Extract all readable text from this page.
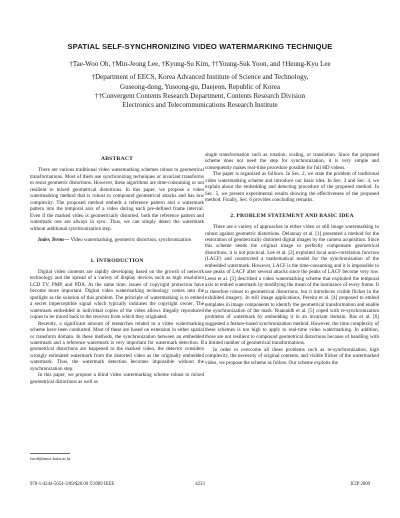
SPATIAL SELF-SYNCHRONIZING VIDEO WATERMARKING TECHNIQUE
†Tae-Woo Oh, †Min-Jeong Lee, †Kyung-Su Kim, ††Young-Suk Yoon, and †Heung-Kyu Lee
†Department of EECS, Korea Advanced Institute of Science and Technology,
Guseong-dong, Yuseong-gu, Daejeon, Republic of Korea
††Convergent Contents Research Department, Contents Research Division
Electronics and Telecommunications Research Institute
ABSTRACT

There are various traditional video watermarking schemes robust to geometrical transformations. Most of them use synchronizing techniques or invariant transforms to resist geometric distortions. However, these algorithms are time-consuming or not resilient to mixed geometrical distortions. In this paper, we propose a video watermarking method that is robust to compound geometrical attacks and has low complexity. The proposed method embeds a reference pattern and a watermark pattern into the temporal axis of a video during each pre-defined frame interval. Even if the marked video is geometrically distorted, both the reference pattern and watermark one are always in sync. Thus, we can simply detect the watermark without additional synchronization step.

Index Terms— Video watermarking, geometric distortion, synchronization

1. INTRODUCTION

Digital video contents are rapidly developing based on the growth of network technology and the spread of a variety of display devices such as high resolution LCD TV, PMP, and PDA. At the same time, issues of copyright protection have become more important. Digital video watermarking technology comes into the spotlight as the solution of this problem. The principle of watermarking is to embed a secret imperceptible signal which typically indicates the copyright owner. The watermark embedded in individual copies of the video allows illegally reproduced copies to be traced back to the receiver from which they originated.

Recently, a significant amount of researches related to a video watermarking scheme have been conducted. Most of these are based on extension in either spatial or transform domain. In these methods, the synchronization between an embedded watermark and a reference watermark is very important for watermark detection. If geometrical distortions are happened to the marked video, the detector considers wrongly estimated watermark from the distorted video as the originally embedded watermark. Thus, the watermark detection becomes impossible without the synchronization step.

In this paper, we propose a blind video watermarking scheme robust to mixed geometrical distortions as well as

single transformation such as rotation, scaling, or translation. Since the proposed scheme does not need the step for synchronization, it is very simple and consequently makes real-time procedure possible for full HD videos.

The paper is organized as follows. In Sec. 2, we state the problem of traditional video watermarking scheme and introduce our basic idea. In Sec. 3 and Sec. 4, we explain about the embedding and detecting procedure of the proposed method. In Sec. 5, we present experimental results showing the effectiveness of the proposed method. Finally, Sec. 6 provides concluding remarks.

2. PROBLEM STATEMENT AND BASIC IDEA

There are a variety of approaches in either video or still image watermarking to robust against geometric distortions. Delannay et al. [1] presented a method for the restoration of geometrically distorted digital images by the camera acquisition. Since this scheme needs the original image to perfectly compensate geometrical distortions, it is not practical. Lee et al. [2] exploited local auto-correlation function (LACF) and constructed a mathematical model for the synchronization of the embedded watermark. However, LACF is the time-consuming and it is impossible to use peaks of LACF after several attacks since the peaks of LACF become very low. Leest et al. [3] described a video watermarking scheme that exploited the temporal axis to embed watermark by modifying the mean of the luminance of every frame. It is therefore robust to geometrical distortions, but it introduces visible flicker in the exhibited imagery. In still image applications, Pereira et al. [4] proposed to embed templates in image components to identify the geometrical transformation and enable the synchronization of the mark. Ruanaidh et al. [5] coped with re-synchronization problems of watermark by embedding it in an invariant domain. Bas et al. [6] suggested a feature-based synchronization method. However, the time complexity of these schemes is too high to apply to real-time video watermarking. In addition, those are not resilient to compound geometrical distortions because of handling with a limited number of geometrical transformations.

In order to overcome all these problems such as re-synchronization, high complexity, the necessity of original contents, and visible flicker of the watermarked video, we propose the scheme as follow. Our scheme exploits the

twoh@mmc.kaist.ac.kr
978-1-4244-5654-3/09/$26.00 ©2009 IEEE	4233	ICIP 2009
